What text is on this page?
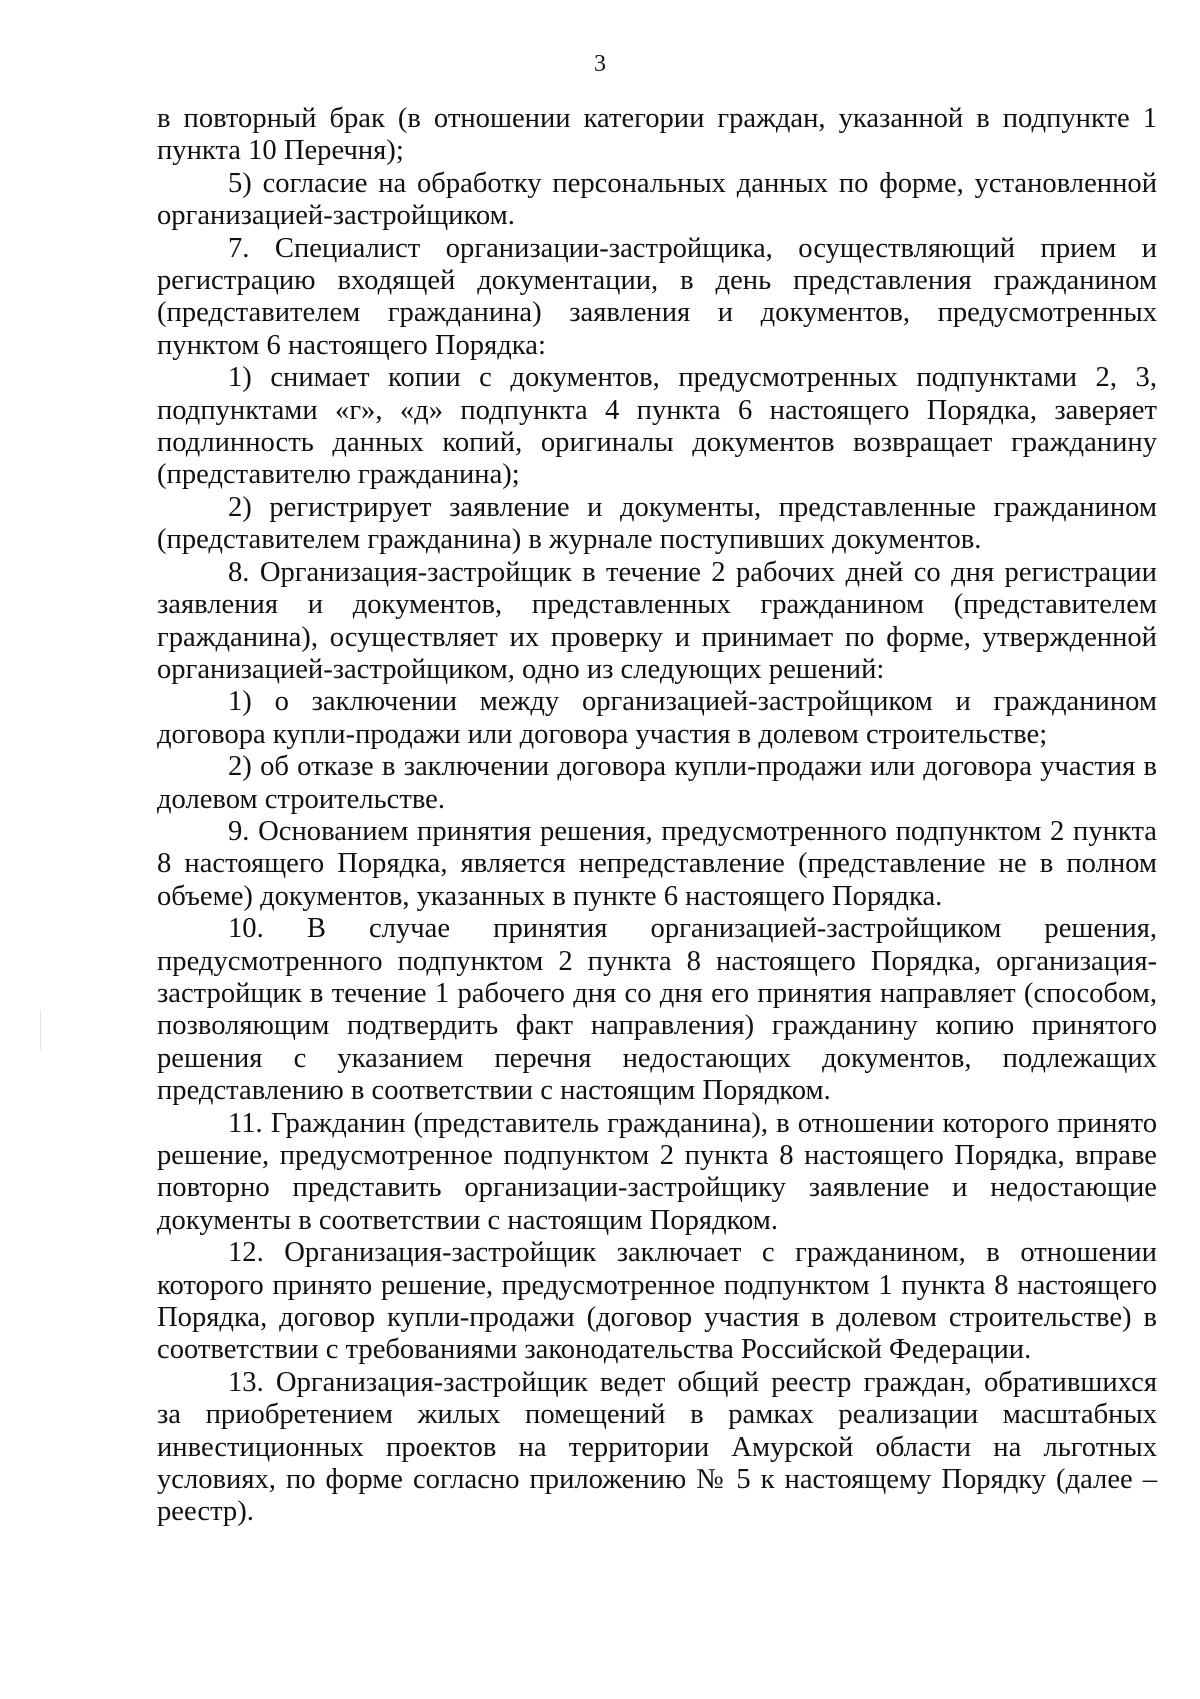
3

в повторный брак (в отношении категории граждан, указанной в подпункте 1 пункта 10 Перечня);

5) согласие на обработку персональных данных по форме, установленной организацией-застройщиком.

7. Специалист организации-застройщика, осуществляющий прием и регистрацию входящей документации, в день представления гражданином (представителем гражданина) заявления и документов, предусмотренных пунктом 6 настоящего Порядка:

1) снимает копии с документов, предусмотренных подпунктами 2, 3, подпунктами «г», «д» подпункта 4 пункта 6 настоящего Порядка, заверяет подлинность данных копий, оригиналы документов возвращает гражданину (представителю гражданина);

2) регистрирует заявление и документы, представленные гражданином (представителем гражданина) в журнале поступивших документов.

8. Организация-застройщик в течение 2 рабочих дней со дня регистрации заявления и документов, представленных гражданином (представителем гражданина), осуществляет их проверку и принимает по форме, утвержденной организацией-застройщиком, одно из следующих решений:

1) о заключении между организацией-застройщиком и гражданином договора купли-продажи или договора участия в долевом строительстве;

2) об отказе в заключении договора купли-продажи или договора участия в долевом строительстве.

9. Основанием принятия решения, предусмотренного подпунктом 2 пункта 8 настоящего Порядка, является непредставление (представление не в полном объеме) документов, указанных в пункте 6 настоящего Порядка.

10. В случае принятия организацией-застройщиком решения, предусмотренного подпунктом 2 пункта 8 настоящего Порядка, организация-застройщик в течение 1 рабочего дня со дня его принятия направляет (способом, позволяющим подтвердить факт направления) гражданину копию принятого решения с указанием перечня недостающих документов, подлежащих представлению в соответствии с настоящим Порядком.

11. Гражданин (представитель гражданина), в отношении которого принято решение, предусмотренное подпунктом 2 пункта 8 настоящего Порядка, вправе повторно представить организации-застройщику заявление и недостающие документы в соответствии с настоящим Порядком.

12. Организация-застройщик заключает с гражданином, в отношении которого принято решение, предусмотренное подпунктом 1 пункта 8 настоящего Порядка, договор купли-продажи (договор участия в долевом строительстве) в соответствии с требованиями законодательства Российской Федерации.

13. Организация-застройщик ведет общий реестр граждан, обратившихся за приобретением жилых помещений в рамках реализации масштабных инвестиционных проектов на территории Амурской области на льготных условиях, по форме согласно приложению № 5 к настоящему Порядку (далее – реестр).
